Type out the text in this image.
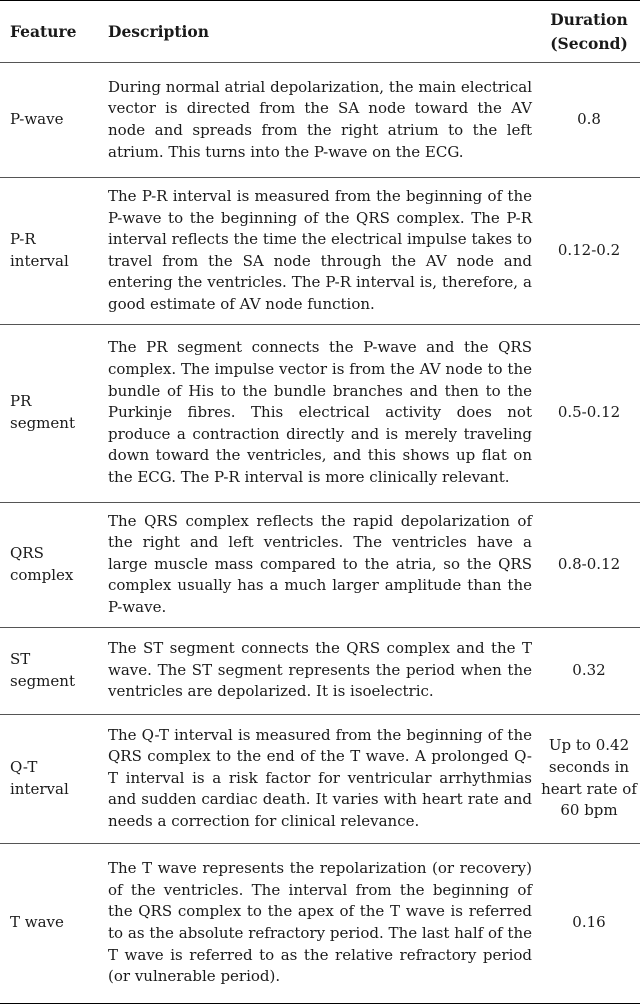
Feature	Description	Duration
(Second)
P-wave	During normal atrial depolarization, the main electrical vector is directed from the SA node toward the AV node and spreads from the right atrium to the left atrium. This turns into the P-wave on the ECG.	0.8
P-R interval	The P-R interval is measured from the beginning of the P-wave to the beginning of the QRS complex. The P-R interval reflects the time the electrical impulse takes to travel from the SA node through the AV node and entering the ventricles. The P-R interval is, therefore, a good estimate of AV node function.	0.12-0.2
PR segment	The PR segment connects the P-wave and the QRS complex. The impulse vector is from the AV node to the bundle of His to the bundle branches and then to the Purkinje fibres. This electrical activity does not produce a contraction directly and is merely traveling down toward the ventricles, and this shows up flat on the ECG. The P-R interval is more clinically relevant.	0.5-0.12
QRS complex	The QRS complex reflects the rapid depolarization of the right and left ventricles. The ventricles have a large muscle mass compared to the atria, so the QRS complex usually has a much larger amplitude than the P-wave.	0.8-0.12
ST segment	The ST segment connects the QRS complex and the T wave. The ST segment represents the period when the ventricles are depolarized. It is isoelectric.	0.32
Q-T interval	The Q-T interval is measured from the beginning of the QRS complex to the end of the T wave. A prolonged Q-T interval is a risk factor for ventricular arrhythmias and sudden cardiac death. It varies with heart rate and needs a correction for clinical relevance.	Up to 0.42 seconds in heart rate of 60 bpm
T wave	The T wave represents the repolarization (or recovery) of the ventricles. The interval from the beginning of the QRS complex to the apex of the T wave is referred to as the absolute refractory period. The last half of the T wave is referred to as the relative refractory period (or vulnerable period).	0.16
